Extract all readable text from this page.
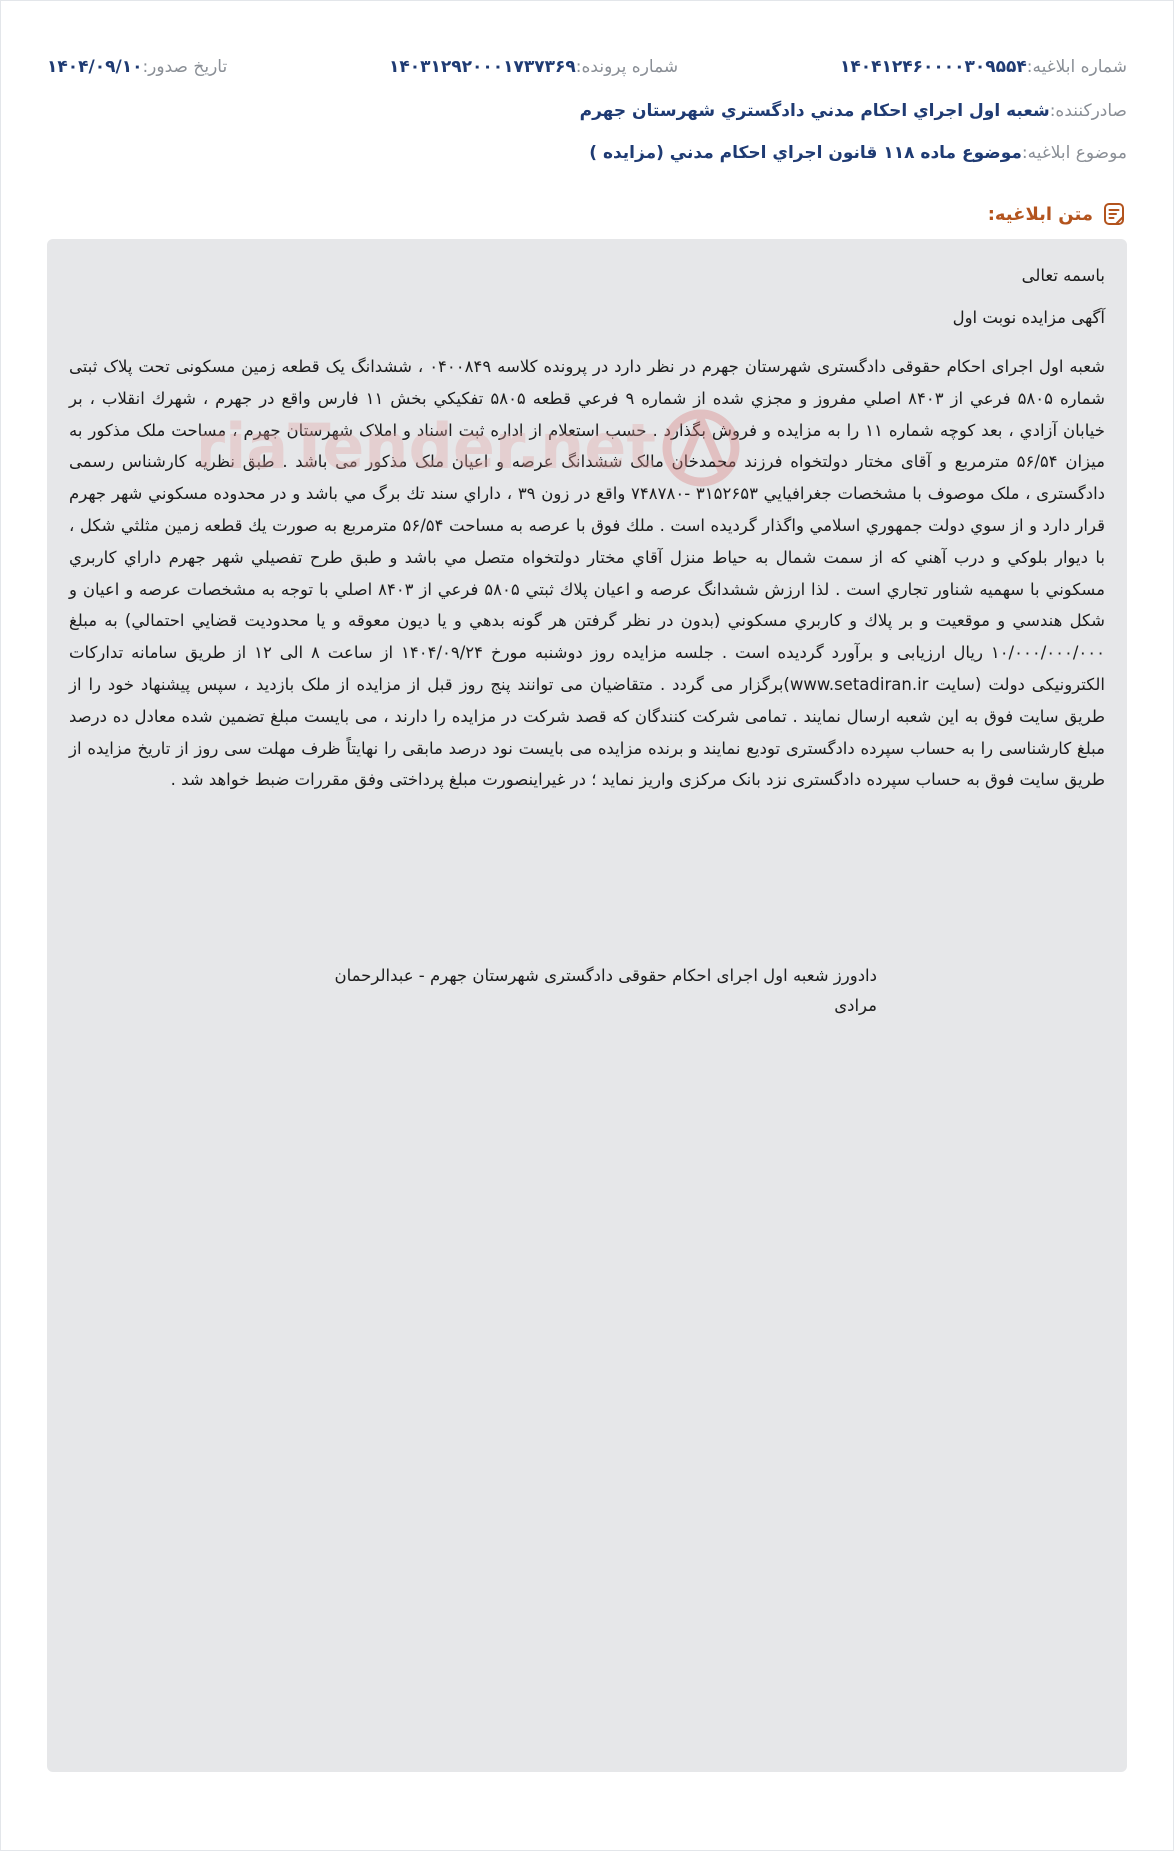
شماره ابلاغیه:
۱۴۰۴۱۲۴۶۰۰۰۰۳۰۹۵۵۴
شماره پرونده:
۱۴۰۳۱۲۹۲۰۰۰۱۷۳۷۳۶۹
تاریخ صدور:
۱۴۰۴/۰۹/۱۰
صادرکننده:
شعبه اول اجراي احكام مدني دادگستري شهرستان جهرم
موضوع ابلاغیه:
موضوع ماده ۱۱۸ قانون اجراي احكام مدني (مزايده )
متن ابلاغیه:

باسمه تعالی

آگهی مزایده نوبت اول

شعبه اول اجرای احکام حقوقی دادگستری شهرستان جهرم در نظر دارد در پرونده کلاسه ۰۴۰۰۸۴۹ ، ششدانگ یک قطعه زمین مسکونی تحت پلاک ثبتی شماره ۵۸۰۵ فرعي از ۸۴۰۳ اصلي مفروز و مجزي شده از شماره ۹ فرعي قطعه ۵۸۰۵ تفكيكي بخش ۱۱ فارس واقع در جهرم ، شهرك انقلاب ، بر خيابان آزادي ، بعد كوچه شماره ۱۱ را به مزايده و فروش بگذارد . حسب استعلام از اداره ثبت اسناد و املاک شهرستان جهرم ، مساحت ملک مذکور به میزان ۵۶/۵۴ مترمربع و آقای مختار دولتخواه فرزند محمدخان مالک ششدانگ عرصه و اعیان ملک مذکور می باشد . طبق نظریه کارشناس رسمی دادگستری ، ملک موصوف با مشخصات جغرافيايي ۳۱۵۲۶۵۳ -۷۴۸۷۸۰ واقع در زون ۳۹ ، داراي سند تك برگ مي باشد و در محدوده مسكوني شهر جهرم قرار دارد و از سوي دولت جمهوري اسلامي واگذار گرديده است . ملك فوق با عرصه به مساحت ۵۶/۵۴ مترمربع به صورت يك قطعه زمين مثلثي شكل ، با ديوار بلوكي و درب آهني كه از سمت شمال به حياط منزل آقاي مختار دولتخواه متصل مي باشد و طبق طرح تفصيلي شهر جهرم داراي كاربري مسكوني با سهميه شناور تجاري است . لذا ارزش ششدانگ عرصه و اعيان پلاك ثبتي ۵۸۰۵ فرعي از ۸۴۰۳ اصلي با توجه به مشخصات عرصه و اعيان و شكل هندسي و موقعيت و بر پلاك و كاربري مسكوني (بدون در نظر گرفتن هر گونه بدهي و يا ديون معوقه و يا محدوديت قضايي احتمالي) به مبلغ ۱۰/۰۰۰/۰۰۰/۰۰۰ ريال ارزيابی و برآورد گردیده است . جلسه مزایده روز دوشنبه مورخ ۱۴۰۴/۰۹/۲۴ از ساعت ۸ الی ۱۲ از طریق سامانه تدارکات الکترونیکی دولت (سایت www.setadiran.ir)برگزار می گردد . متقاضیان می توانند پنج روز قبل از مزایده از ملک بازدید ، سپس پیشنهاد خود را از طریق سایت فوق به این شعبه ارسال نمایند . تمامی شرکت کنندگان که قصد شرکت در مزایده را دارند ، می بایست مبلغ تضمین شده معادل ده درصد مبلغ کارشناسی را به حساب سپرده دادگستری تودیع نمایند و برنده مزایده می بایست نود درصد مابقی را نهایتاً ظرف مهلت سی روز از تاریخ مزایده از طریق سایت فوق به حساب سپرده دادگستری نزد بانک مرکزی واریز نماید ؛ در غیراینصورت مبلغ پرداختی وفق مقررات ضبط خواهد شد .

دادورز شعبه اول اجرای احکام حقوقی دادگستری شهرستان جهرم - عبدالرحمان مرادی

riaTender.net
